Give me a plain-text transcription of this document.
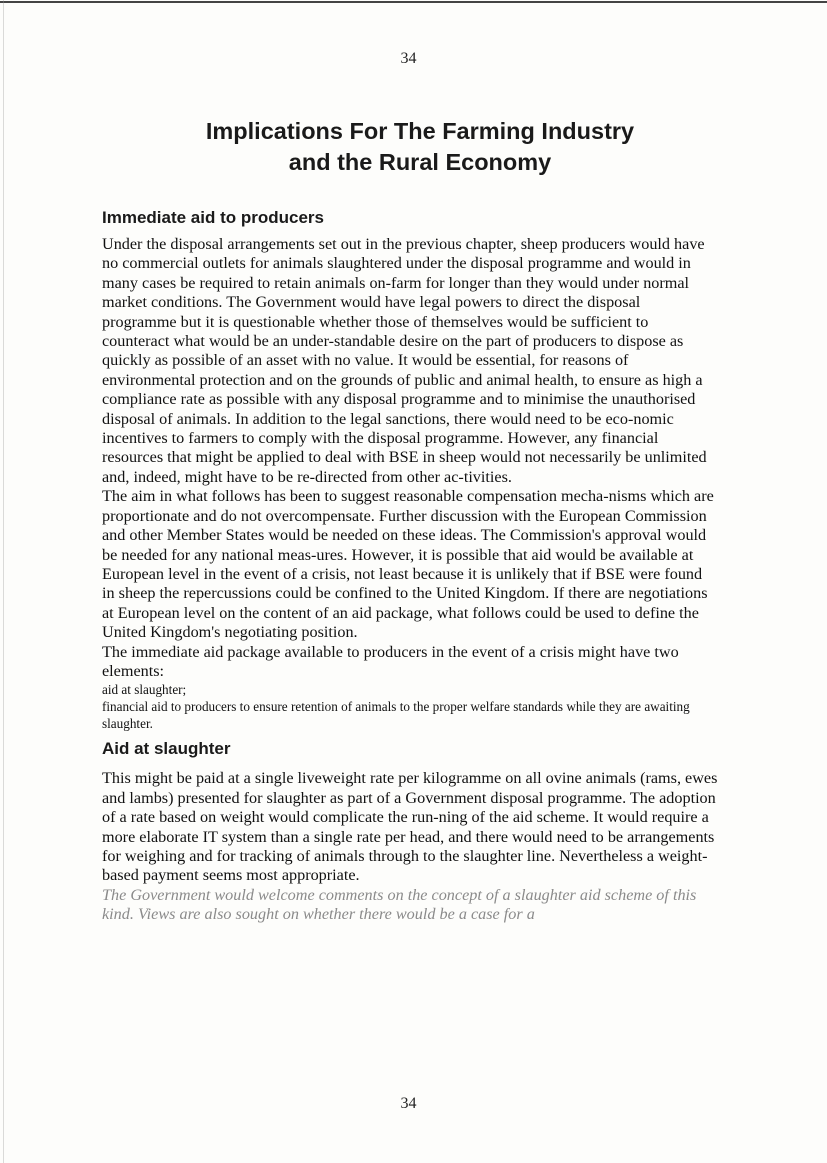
34
Implications For The Farming Industry
and the Rural Economy
Immediate aid to producers

Under the disposal arrangements set out in the previous chapter, sheep producers would have no commercial outlets for animals slaughtered under the disposal programme and would in many cases be required to retain animals on-farm for longer than they would under normal market conditions. The Government would have legal powers to direct the disposal programme but it is questionable whether those of themselves would be sufficient to counteract what would be an under-standable desire on the part of producers to dispose as quickly as possible of an asset with no value. It would be essential, for reasons of environmental protection and on the grounds of public and animal health, to ensure as high a compliance rate as possible with any disposal programme and to minimise the unauthorised disposal of animals. In addition to the legal sanctions, there would need to be eco-nomic incentives to farmers to comply with the disposal programme. However, any financial resources that might be applied to deal with BSE in sheep would not necessarily be unlimited and, indeed, might have to be re-directed from other ac-tivities.

The aim in what follows has been to suggest reasonable compensation mecha-nisms which are proportionate and do not overcompensate. Further discussion with the European Commission and other Member States would be needed on these ideas. The Commission's approval would be needed for any national meas-ures. However, it is possible that aid would be available at European level in the event of a crisis, not least because it is unlikely that if BSE were found in sheep the repercussions could be confined to the United Kingdom. If there are negotiations at European level on the content of an aid package, what follows could be used to define the United Kingdom's negotiating position.

The immediate aid package available to producers in the event of a crisis might have two elements:

aid at slaughter;
financial aid to producers to ensure retention of animals to the proper welfare standards while they are awaiting slaughter.
Aid at slaughter

This might be paid at a single liveweight rate per kilogramme on all ovine animals (rams, ewes and lambs) presented for slaughter as part of a Government disposal programme. The adoption of a rate based on weight would complicate the run-ning of the aid scheme. It would require a more elaborate IT system than a single rate per head, and there would need to be arrangements for weighing and for tracking of animals through to the slaughter line. Nevertheless a weight-based payment seems most appropriate.

The Government would welcome comments on the concept of a slaughter aid scheme of this kind. Views are also sought on whether there would be a case for a

34
